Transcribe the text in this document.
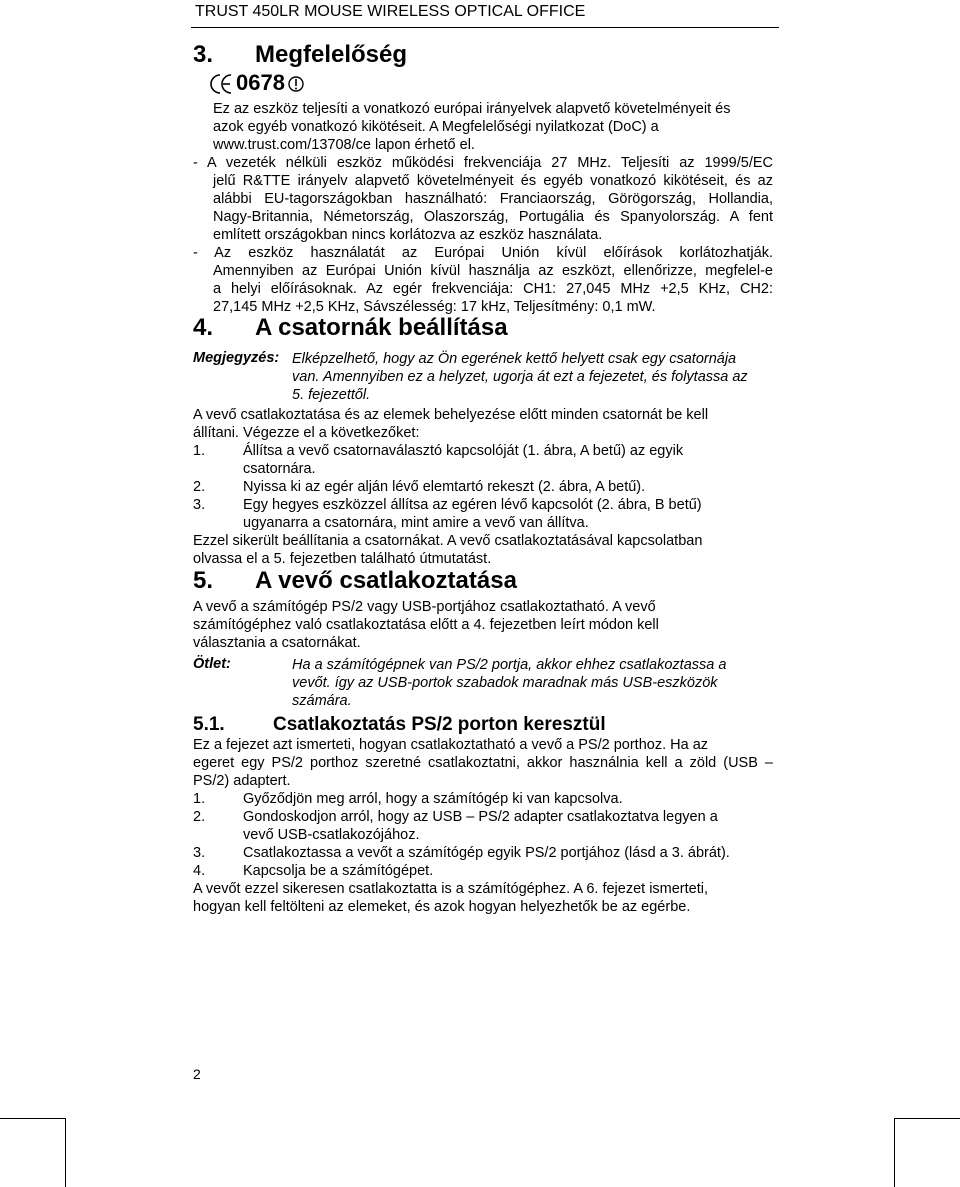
TRUST 450LR MOUSE WIRELESS OPTICAL OFFICE
3. Megfelelőség
0678
Ez az eszköz teljesíti a vonatkozó európai irányelvek alapvető követelményeit és
azok egyéb vonatkozó kikötéseit. A Megfelelőségi nyilatkozat (DoC) a
www.trust.com/13708/ce lapon érhető el.
- A vezeték nélküli eszköz működési frekvenciája 27 MHz. Teljesíti az 1999/5/EC
jelű R&TTE irányelv alapvető követelményeit és egyéb vonatkozó kikötéseit, és az
alábbi EU-tagországokban használható: Franciaország, Görögország, Hollandia,
Nagy-Britannia, Németország, Olaszország, Portugália és Spanyolország. A fent
említett országokban nincs korlátozva az eszköz használata.
- Az eszköz használatát az Európai Unión kívül előírások korlátozhatják.
Amennyiben az Európai Unión kívül használja az eszközt, ellenőrizze, megfelel-e
a helyi előírásoknak. Az egér frekvenciája: CH1: 27,045 MHz +2,5 KHz, CH2:
27,145 MHz +2,5 KHz, Sávszélesség: 17 kHz, Teljesítmény: 0,1 mW.
4. A csatornák beállítása
Megjegyzés: Elképzelhető, hogy az Ön egerének kettő helyett csak egy csatornája
van. Amennyiben ez a helyzet, ugorja át ezt a fejezetet, és folytassa az
5. fejezettől.
A vevő csatlakoztatása és az elemek behelyezése előtt minden csatornát be kell
állítani. Végezze el a következőket:
1.	Állítsa a vevő csatornaválasztó kapcsolóját (1. ábra, A betű) az egyik
csatornára.
2.	Nyissa ki az egér alján lévő elemtartó rekeszt (2. ábra, A betű).
3.	Egy hegyes eszközzel állítsa az egéren lévő kapcsolót (2. ábra, B betű)
ugyanarra a csatornára, mint amire a vevő van állítva.
Ezzel sikerült beállítania a csatornákat. A vevő csatlakoztatásával kapcsolatban
olvassa el a 5. fejezetben található útmutatást.
5. A vevő csatlakoztatása
A vevő a számítógép PS/2 vagy USB-portjához csatlakoztatható. A vevő
számítógéphez való csatlakoztatása előtt a 4. fejezetben leírt módon kell
választania a csatornákat.
Ötlet:	Ha a számítógépnek van PS/2 portja, akkor ehhez csatlakoztassa a
vevőt. így az USB-portok szabadok maradnak más USB-eszközök
számára.
5.1.	Csatlakoztatás PS/2 porton keresztül
Ez a fejezet azt ismerteti, hogyan csatlakoztatható a vevő a PS/2 porthoz. Ha az
egeret egy PS/2 porthoz szeretné csatlakoztatni, akkor használnia kell a zöld (USB –
PS/2) adaptert.
1.	Győződjön meg arról, hogy a számítógép ki van kapcsolva.
2.	Gondoskodjon arról, hogy az USB – PS/2 adapter csatlakoztatva legyen a
vevő USB-csatlakozójához.
3.	Csatlakoztassa a vevőt a számítógép egyik PS/2 portjához (lásd a 3. ábrát).
4.	Kapcsolja be a számítógépet.
A vevőt ezzel sikeresen csatlakoztatta is a számítógéphez. A 6. fejezet ismerteti,
hogyan kell feltölteni az elemeket, és azok hogyan helyezhetők be az egérbe.
2
